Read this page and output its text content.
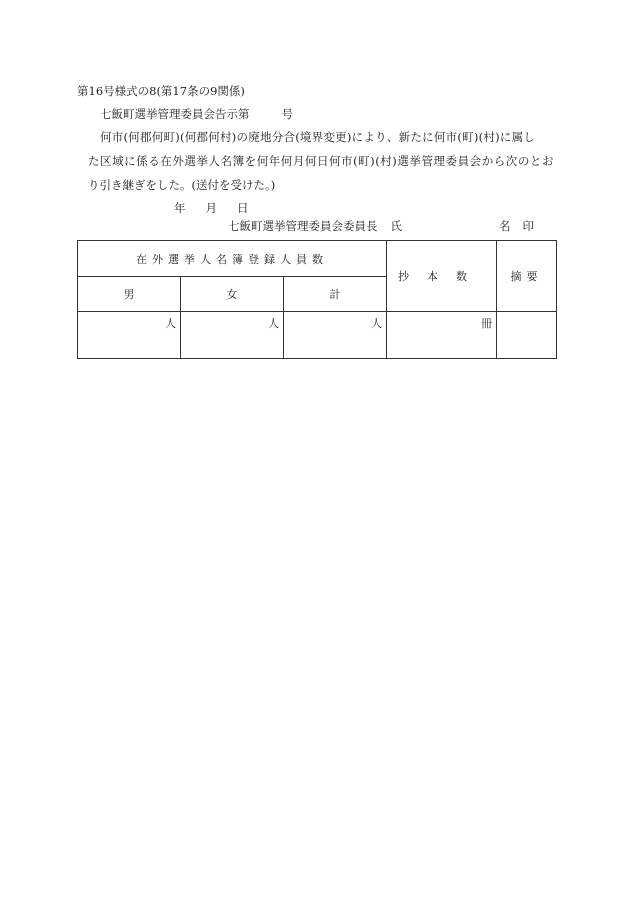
第16号様式の8(第17条の9関係)
七飯町選挙管理委員会告示第	号
何市(何郡何町)(何郡何村)の廃地分合(境界変更)により、新たに何市(町)(村)に属し
た区域に係る在外選挙人名簿を何年何月何日何市(町)(村)選挙管理委員会から次のとお
り引き継ぎをした。(送付を受けた。)
年 月 日
七飯町選挙管理委員会委員長 氏	名 印
在外選挙人名簿登録人員数			抄本数	摘要
男	女	計		
人	人	人	冊	
